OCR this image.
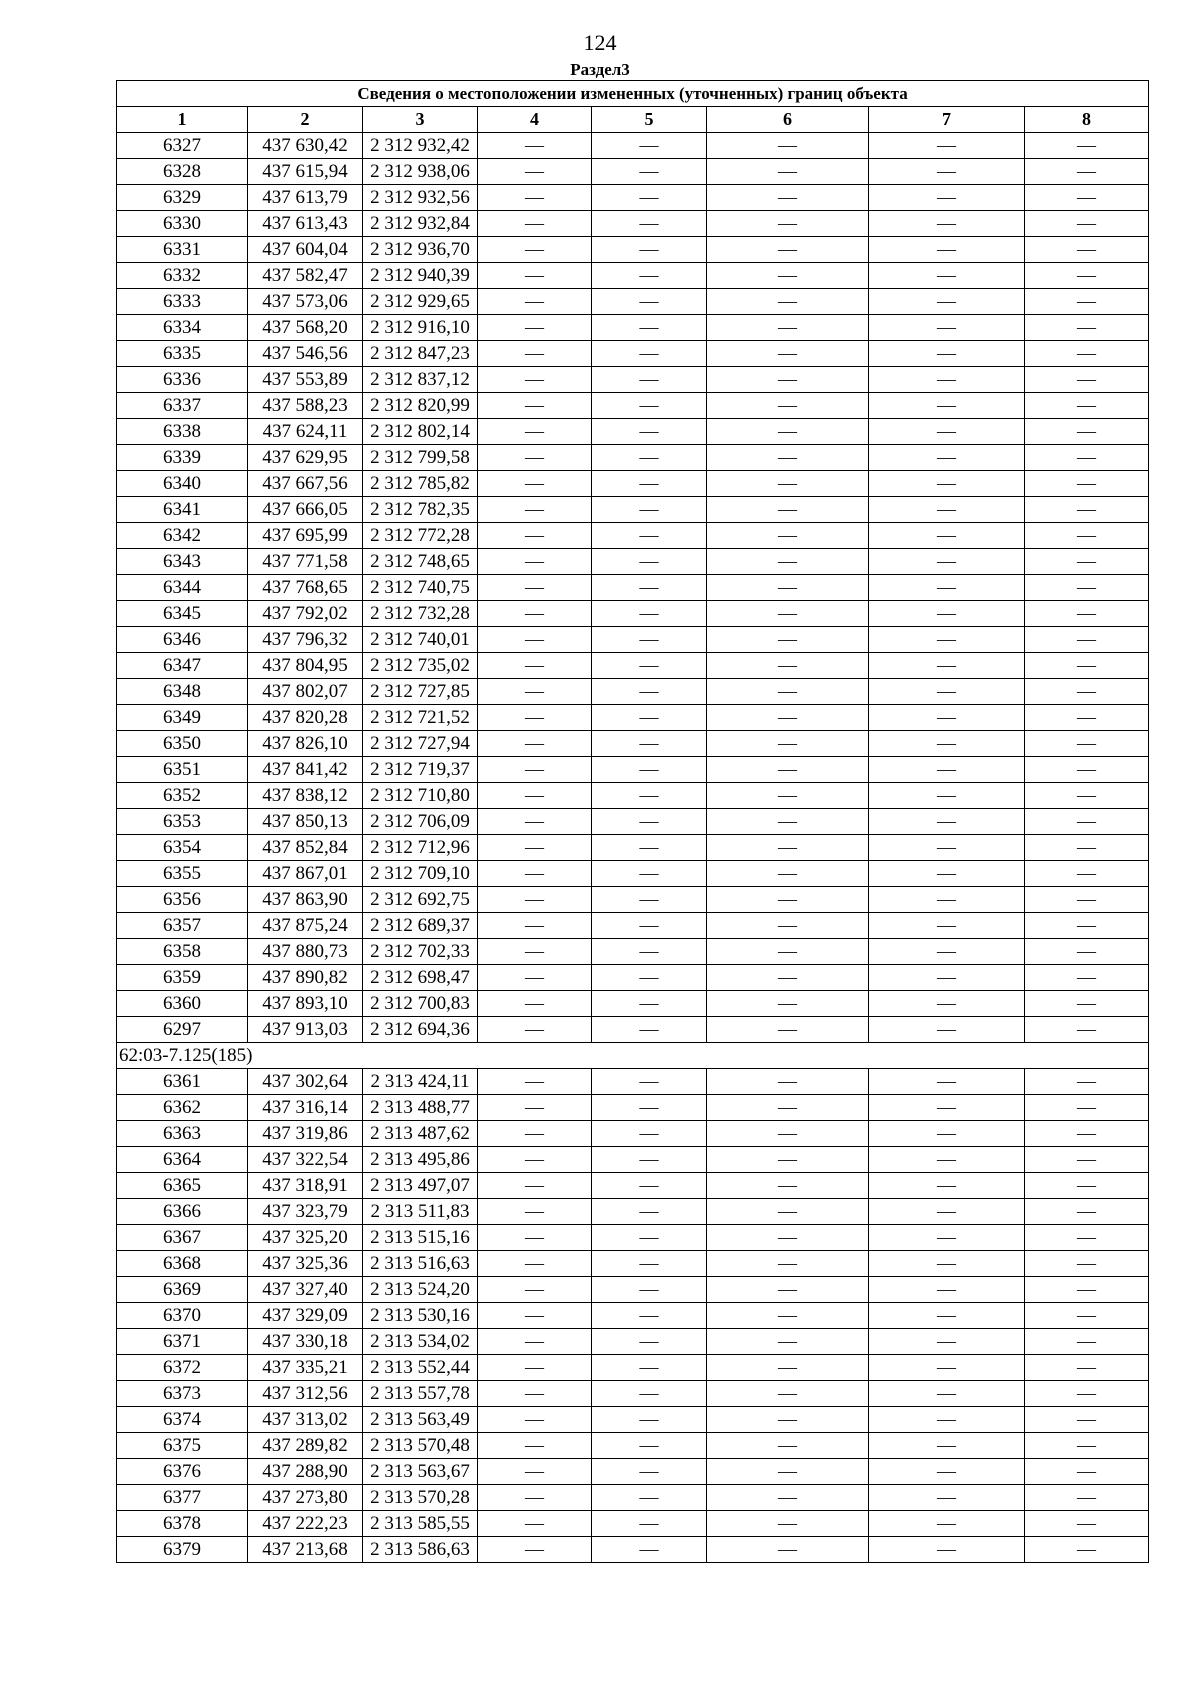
124
Раздел3
Сведения о местоположении измененных (уточненных) границ объекта							
1	2	3	4	5	6	7	8
6327	437 630,42	2 312 932,42	—	—	—	—	—
6328	437 615,94	2 312 938,06	—	—	—	—	—
6329	437 613,79	2 312 932,56	—	—	—	—	—
6330	437 613,43	2 312 932,84	—	—	—	—	—
6331	437 604,04	2 312 936,70	—	—	—	—	—
6332	437 582,47	2 312 940,39	—	—	—	—	—
6333	437 573,06	2 312 929,65	—	—	—	—	—
6334	437 568,20	2 312 916,10	—	—	—	—	—
6335	437 546,56	2 312 847,23	—	—	—	—	—
6336	437 553,89	2 312 837,12	—	—	—	—	—
6337	437 588,23	2 312 820,99	—	—	—	—	—
6338	437 624,11	2 312 802,14	—	—	—	—	—
6339	437 629,95	2 312 799,58	—	—	—	—	—
6340	437 667,56	2 312 785,82	—	—	—	—	—
6341	437 666,05	2 312 782,35	—	—	—	—	—
6342	437 695,99	2 312 772,28	—	—	—	—	—
6343	437 771,58	2 312 748,65	—	—	—	—	—
6344	437 768,65	2 312 740,75	—	—	—	—	—
6345	437 792,02	2 312 732,28	—	—	—	—	—
6346	437 796,32	2 312 740,01	—	—	—	—	—
6347	437 804,95	2 312 735,02	—	—	—	—	—
6348	437 802,07	2 312 727,85	—	—	—	—	—
6349	437 820,28	2 312 721,52	—	—	—	—	—
6350	437 826,10	2 312 727,94	—	—	—	—	—
6351	437 841,42	2 312 719,37	—	—	—	—	—
6352	437 838,12	2 312 710,80	—	—	—	—	—
6353	437 850,13	2 312 706,09	—	—	—	—	—
6354	437 852,84	2 312 712,96	—	—	—	—	—
6355	437 867,01	2 312 709,10	—	—	—	—	—
6356	437 863,90	2 312 692,75	—	—	—	—	—
6357	437 875,24	2 312 689,37	—	—	—	—	—
6358	437 880,73	2 312 702,33	—	—	—	—	—
6359	437 890,82	2 312 698,47	—	—	—	—	—
6360	437 893,10	2 312 700,83	—	—	—	—	—
6297	437 913,03	2 312 694,36	—	—	—	—	—
62:03-7.125(185)							
6361	437 302,64	2 313 424,11	—	—	—	—	—
6362	437 316,14	2 313 488,77	—	—	—	—	—
6363	437 319,86	2 313 487,62	—	—	—	—	—
6364	437 322,54	2 313 495,86	—	—	—	—	—
6365	437 318,91	2 313 497,07	—	—	—	—	—
6366	437 323,79	2 313 511,83	—	—	—	—	—
6367	437 325,20	2 313 515,16	—	—	—	—	—
6368	437 325,36	2 313 516,63	—	—	—	—	—
6369	437 327,40	2 313 524,20	—	—	—	—	—
6370	437 329,09	2 313 530,16	—	—	—	—	—
6371	437 330,18	2 313 534,02	—	—	—	—	—
6372	437 335,21	2 313 552,44	—	—	—	—	—
6373	437 312,56	2 313 557,78	—	—	—	—	—
6374	437 313,02	2 313 563,49	—	—	—	—	—
6375	437 289,82	2 313 570,48	—	—	—	—	—
6376	437 288,90	2 313 563,67	—	—	—	—	—
6377	437 273,80	2 313 570,28	—	—	—	—	—
6378	437 222,23	2 313 585,55	—	—	—	—	—
6379	437 213,68	2 313 586,63	—	—	—	—	—
